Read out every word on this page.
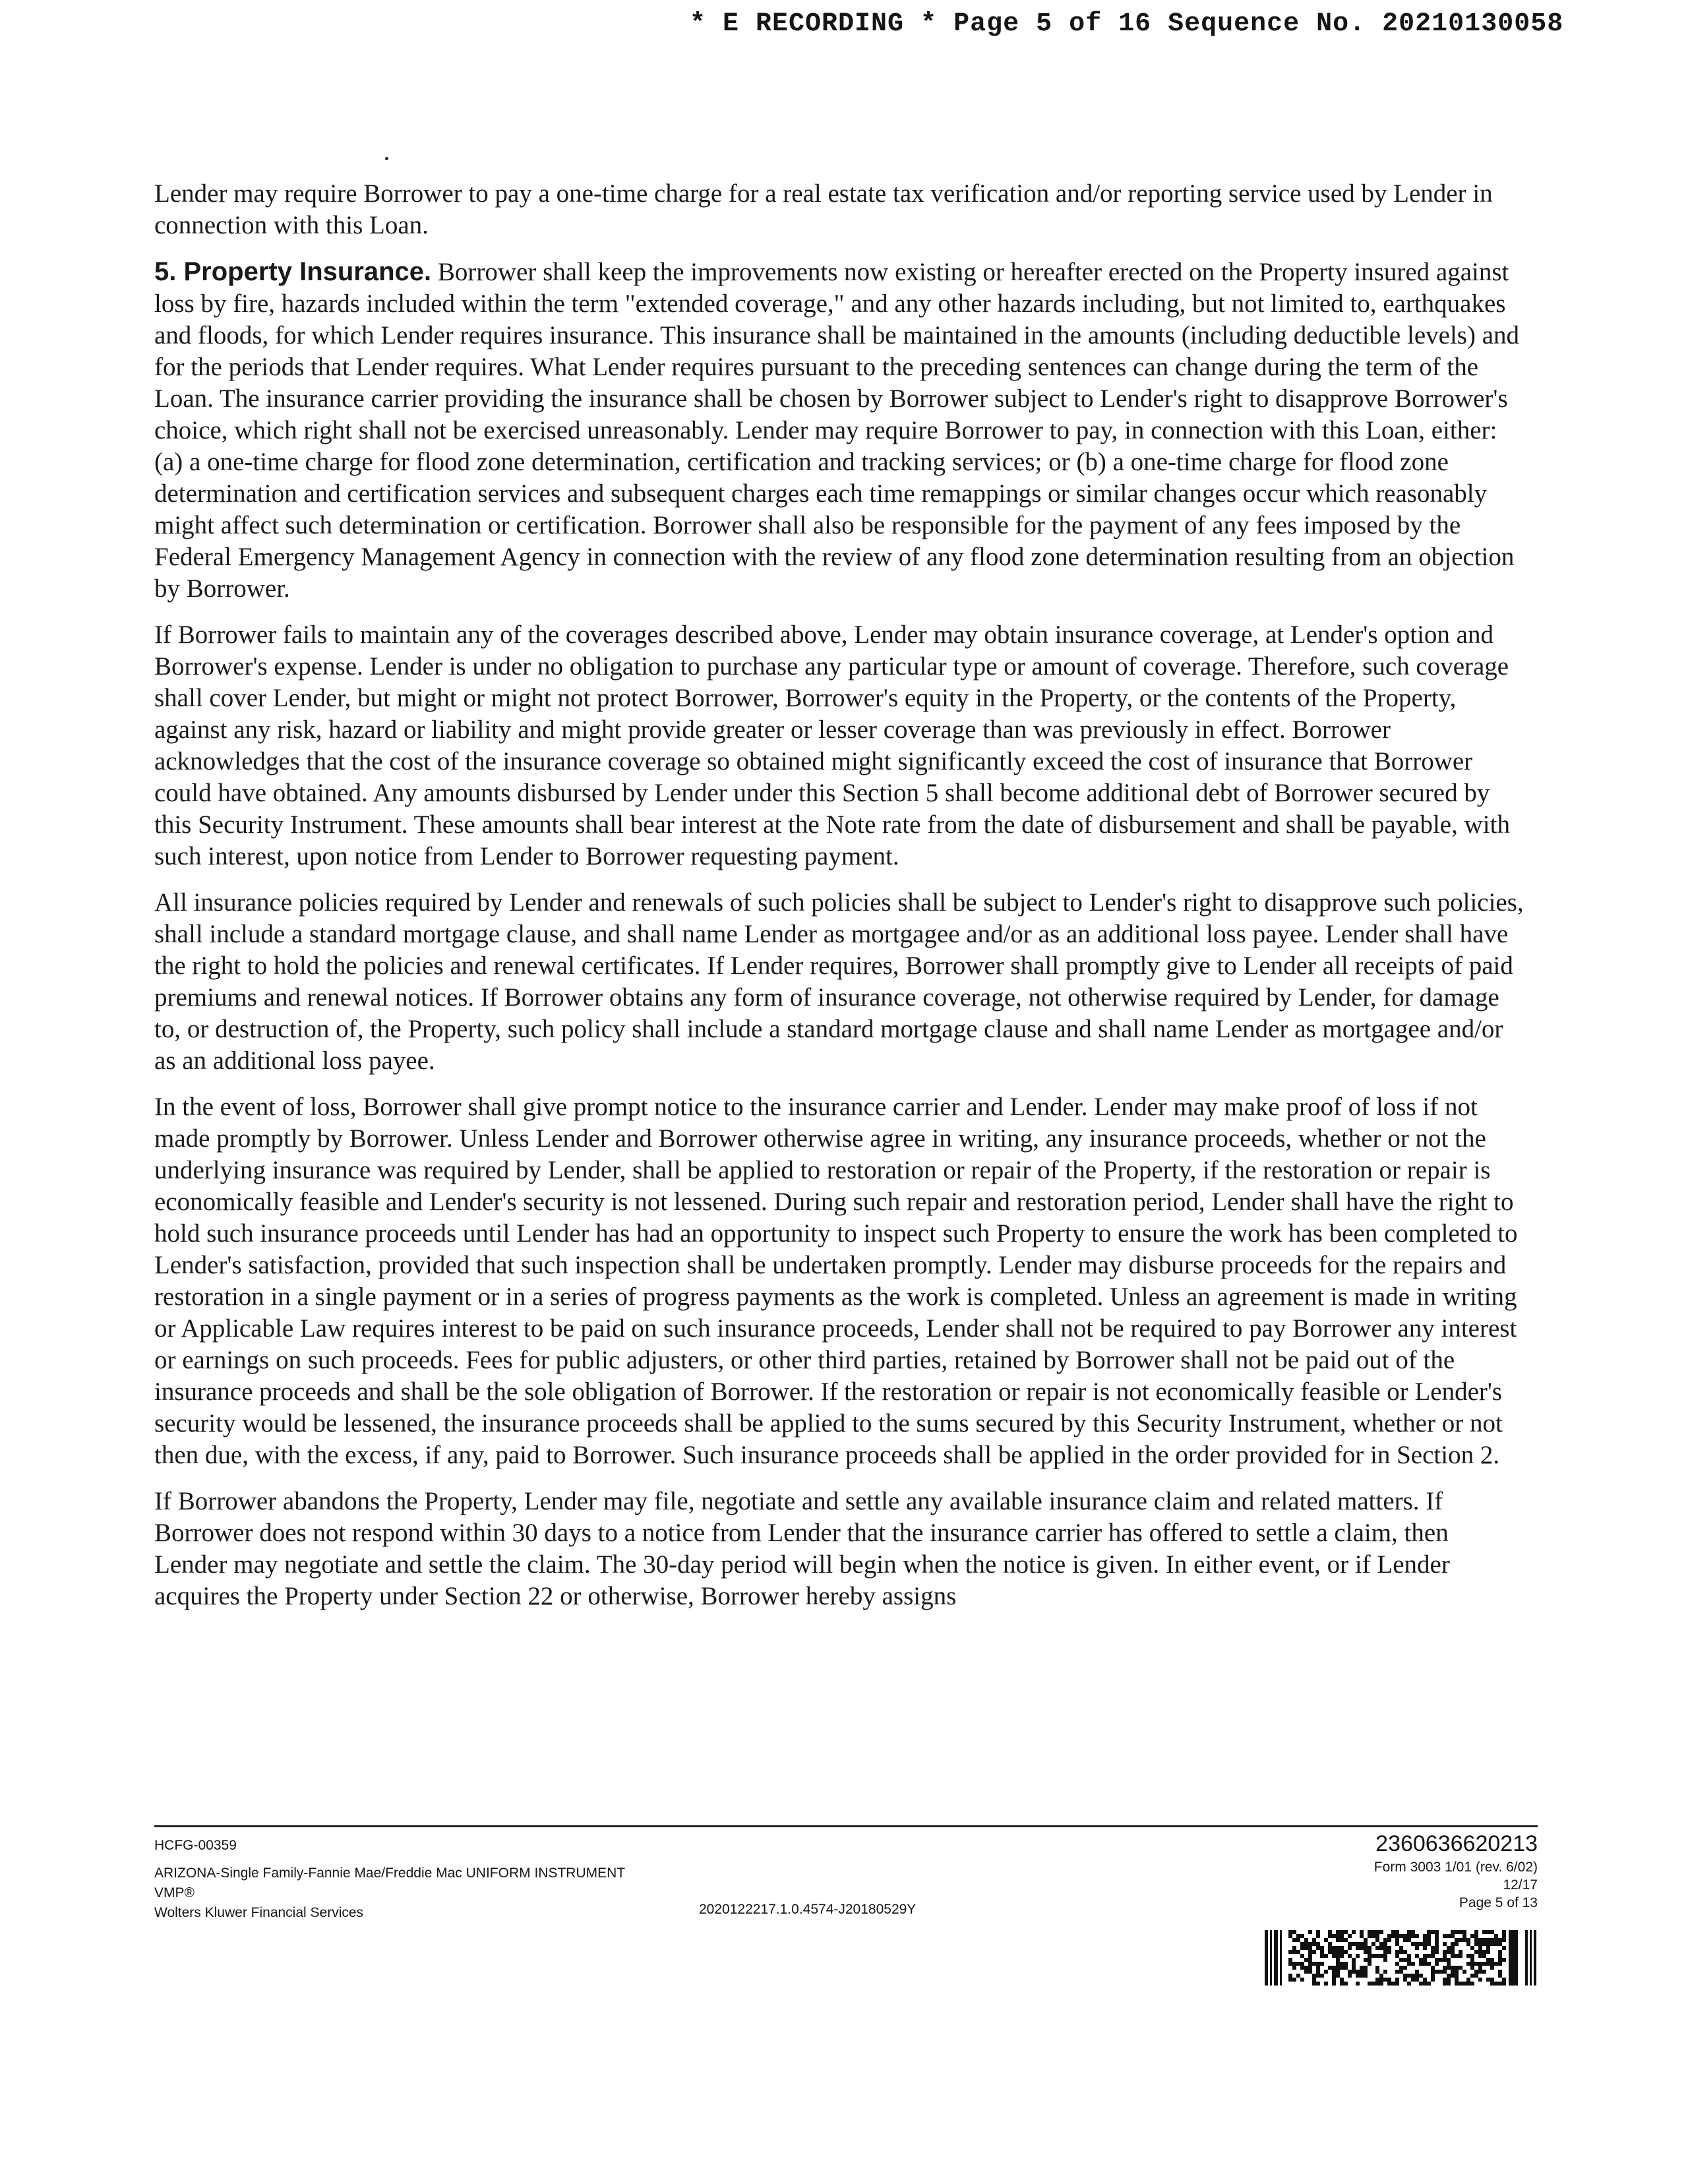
* E RECORDING * Page 5 of 16 Sequence No. 20210130058

Lender may require Borrower to pay a one-time charge for a real estate tax verification and/or reporting service used by Lender in connection with this Loan.

5. Property Insurance. Borrower shall keep the improvements now existing or hereafter erected on the Property insured against loss by fire, hazards included within the term "extended coverage," and any other hazards including, but not limited to, earthquakes and floods, for which Lender requires insurance. This insurance shall be maintained in the amounts (including deductible levels) and for the periods that Lender requires. What Lender requires pursuant to the preceding sentences can change during the term of the Loan. The insurance carrier providing the insurance shall be chosen by Borrower subject to Lender's right to disapprove Borrower's choice, which right shall not be exercised unreasonably. Lender may require Borrower to pay, in connection with this Loan, either: (a) a one-time charge for flood zone determination, certification and tracking services; or (b) a one-time charge for flood zone determination and certification services and subsequent charges each time remappings or similar changes occur which reasonably might affect such determination or certification. Borrower shall also be responsible for the payment of any fees imposed by the Federal Emergency Management Agency in connection with the review of any flood zone determination resulting from an objection by Borrower.

If Borrower fails to maintain any of the coverages described above, Lender may obtain insurance coverage, at Lender's option and Borrower's expense. Lender is under no obligation to purchase any particular type or amount of coverage. Therefore, such coverage shall cover Lender, but might or might not protect Borrower, Borrower's equity in the Property, or the contents of the Property, against any risk, hazard or liability and might provide greater or lesser coverage than was previously in effect. Borrower acknowledges that the cost of the insurance coverage so obtained might significantly exceed the cost of insurance that Borrower could have obtained. Any amounts disbursed by Lender under this Section 5 shall become additional debt of Borrower secured by this Security Instrument. These amounts shall bear interest at the Note rate from the date of disbursement and shall be payable, with such interest, upon notice from Lender to Borrower requesting payment.

All insurance policies required by Lender and renewals of such policies shall be subject to Lender's right to disapprove such policies, shall include a standard mortgage clause, and shall name Lender as mortgagee and/or as an additional loss payee. Lender shall have the right to hold the policies and renewal certificates. If Lender requires, Borrower shall promptly give to Lender all receipts of paid premiums and renewal notices. If Borrower obtains any form of insurance coverage, not otherwise required by Lender, for damage to, or destruction of, the Property, such policy shall include a standard mortgage clause and shall name Lender as mortgagee and/or as an additional loss payee.

In the event of loss, Borrower shall give prompt notice to the insurance carrier and Lender. Lender may make proof of loss if not made promptly by Borrower. Unless Lender and Borrower otherwise agree in writing, any insurance proceeds, whether or not the underlying insurance was required by Lender, shall be applied to restoration or repair of the Property, if the restoration or repair is economically feasible and Lender's security is not lessened. During such repair and restoration period, Lender shall have the right to hold such insurance proceeds until Lender has had an opportunity to inspect such Property to ensure the work has been completed to Lender's satisfaction, provided that such inspection shall be undertaken promptly. Lender may disburse proceeds for the repairs and restoration in a single payment or in a series of progress payments as the work is completed. Unless an agreement is made in writing or Applicable Law requires interest to be paid on such insurance proceeds, Lender shall not be required to pay Borrower any interest or earnings on such proceeds. Fees for public adjusters, or other third parties, retained by Borrower shall not be paid out of the insurance proceeds and shall be the sole obligation of Borrower. If the restoration or repair is not economically feasible or Lender's security would be lessened, the insurance proceeds shall be applied to the sums secured by this Security Instrument, whether or not then due, with the excess, if any, paid to Borrower. Such insurance proceeds shall be applied in the order provided for in Section 2.

If Borrower abandons the Property, Lender may file, negotiate and settle any available insurance claim and related matters. If Borrower does not respond within 30 days to a notice from Lender that the insurance carrier has offered to settle a claim, then Lender may negotiate and settle the claim. The 30-day period will begin when the notice is given. In either event, or if Lender acquires the Property under Section 22 or otherwise, Borrower hereby assigns

HCFG-00359
ARIZONA-Single Family-Fannie Mae/Freddie Mac UNIFORM INSTRUMENT
VMP®
Wolters Kluwer Financial Services	2020122217.1.0.4574-J20180529Y
2360636620213
Form 3003 1/01 (rev. 6/02)
12/17
Page 5 of 13
